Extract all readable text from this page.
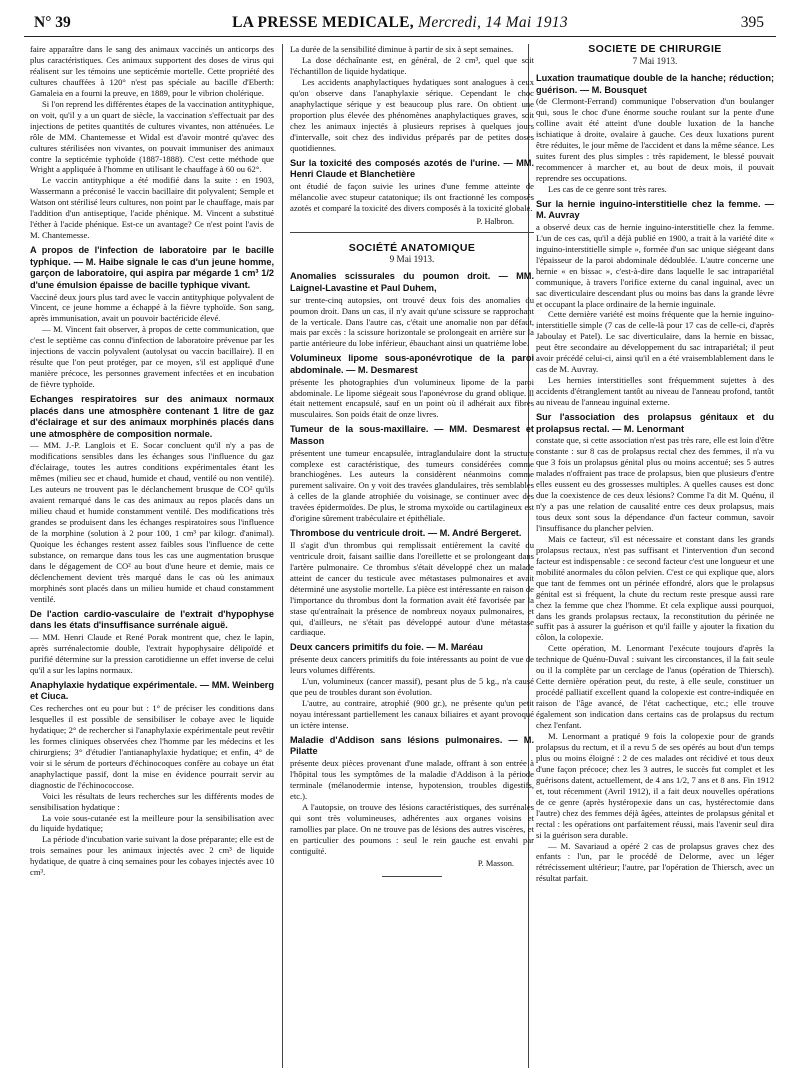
N° 39	LA PRESSE MEDICALE, Mercredi, 14 Mai 1913	395

faire apparaître dans le sang des animaux vaccinés un anticorps des plus caractéristiques. Ces animaux supportent des doses de virus qui réalisent sur les témoins une septicémie mortelle. Cette propriété des cultures chauffées à 120° n'est pas spéciale au bacille d'Eberth: Gamaleia en a fourni la preuve, en 1889, pour le vibrion cholérique.

Si l'on reprend les différentes étapes de la vaccination antityphique, on voit, qu'il y a un quart de siècle, la vaccination s'effectuait par des injections de petites quantités de cultures vivantes, non atténuées. Le rôle de MM. Chantemesse et Widal est d'avoir montré qu'avec des cultures stérilisées non vivantes, on pouvait immuniser des animaux contre la septicémie typhoïde (1887-1888). C'est cette méthode que Wright a appliquée à l'homme en utilisant le chauffage à 60 ou 62°.

Le vaccin antityphique a été modifié dans la suite : en 1903, Wassermann a préconisé le vaccin bacillaire dit polyvalent; Semple et Watson ont stérilisé leurs cultures, non point par le chauffage, mais par l'addition d'un antiseptique, l'acide phénique. M. Vincent a substitué l'éther à l'acide phénique. Est-ce un avantage? Ce n'est point l'avis de M. Chantemesse.

A propos de l'infection de laboratoire par le bacille typhique. — M. Haibe signale le cas d'un jeune homme, garçon de laboratoire, qui aspira par mégarde 1 cm³ 1/2 d'une émulsion épaisse de bacille typhique vivant.

Vacciné deux jours plus tard avec le vaccin antityphique polyvalent de Vincent, ce jeune homme a échappé à la fièvre typhoïde. Son sang, après immunisation, avait un pouvoir bactéricide élevé.

— M. Vincent fait observer, à propos de cette communication, que c'est le septième cas connu d'infection de laboratoire prévenue par les injections de vaccin polyvalent (autolysat ou vaccin bacillaire). Il en résulte que l'on peut protéger, par ce moyen, s'il est appliqué d'une manière précoce, les personnes gravement infectées et en incubation de fièvre typhoïde.

Echanges respiratoires sur des animaux normaux placés dans une atmosphère contenant 1 litre de gaz d'éclairage et sur des animaux morphinés placés dans une atmosphère de composition normale.

— MM. J.-P. Langlois et E. Socar concluent qu'il n'y a pas de modifications sensibles dans les échanges sous l'influence du gaz d'éclairage, toutes les autres conditions expérimentales étant les mêmes (milieu sec et chaud, humide et chaud, ventilé ou non ventilé). Les auteurs ne trouvent pas le déclanchement brusque de CO² qu'ils avaient remarqué dans le cas des animaux au repos placés dans un milieu chaud et humide constamment ventilé. Des modifications très grandes se produisent dans les échanges respiratoires sous l'influence de la morphine (solution à 2 pour 100, 1 cm³ par kilogr. d'animal). Quoique les échanges restent assez faibles sous l'influence de cette substance, on remarque dans tous les cas une augmentation brusque dans le dégagement de CO² au bout d'une heure et demie, mais ce déclenchement devient très marqué dans le cas où les animaux morphinés sont placés dans un milieu humide et chaud constamment ventilé.

De l'action cardio-vasculaire de l'extrait d'hypophyse dans les états d'insuffisance surrénale aiguë.

— MM. Henri Claude et René Porak montrent que, chez le lapin, après surrénalectomie double, l'extrait hypophysaire délipoïdé et purifié détermine sur la pression carotidienne un effet inverse de celui qu'il a sur les lapins normaux.

Anaphylaxie hydatique expérimentale. — MM. Weinberg et Ciuca.

Ces recherches ont eu pour but : 1° de préciser les conditions dans lesquelles il est possible de sensibiliser le cobaye avec le liquide hydatique; 2° de rechercher si l'anaphylaxie expérimentale peut revêtir les formes cliniques observées chez l'homme par les médecins et les chirurgiens; 3° d'étudier l'antianaphylaxie hydatique; et enfin, 4° de voir si le sérum de porteurs d'échinocoques confère au cobaye un état anaphylactique passif, dont la mise en évidence pourrait servir au diagnostic de l'échinococcose.

Voici les résultats de leurs recherches sur les différents modes de sensibilisation hydatique :

La voie sous-cutanée est la meilleure pour la sensibilisation avec du liquide hydatique;

La période d'incubation varie suivant la dose préparante; elle est de trois semaines pour les animaux injectés avec 2 cm³ de liquide hydatique, de quatre à cinq semaines pour les cobayes injectés avec 10 cm³.

La durée de la sensibilité diminue à partir de six à sept semaines.

La dose déchaînante est, en général, de 2 cm³, quel que soit l'échantillon de liquide hydatique.

Les accidents anaphylactiques hydatiques sont analogues à ceux qu'on observe dans l'anaphylaxie sérique. Cependant le choc anaphylactique sérique y est beaucoup plus rare. On obtient une proportion plus élevée des phénomènes anaphylactiques graves, soit chez les animaux injectés à plusieurs reprises à quelques jours d'intervalle, soit chez des individus préparés par de petites doses quotidiennes.

Sur la toxicité des composés azotés de l'urine. — MM. Henri Claude et Blanchetière

ont étudié de façon suivie les urines d'une femme atteinte de mélancolie avec stupeur catatonique; ils ont fractionné les composés azotés et comparé la toxicité des divers composés à la toxicité globale.

P. Halbron.

SOCIÉTÉ ANATOMIQUE

9 Mai 1913.

Anomalies scissurales du poumon droit. — MM. Laignel-Lavastine et Paul Duhem,

sur trente-cinq autopsies, ont trouvé deux fois des anomalies du poumon droit. Dans un cas, il n'y avait qu'une scissure se rapprochant de la verticale. Dans l'autre cas, c'était une anomalie non par défaut, mais par excès : la scissure horizontale se prolongeait en arrière sur la partie antérieure du lobe inférieur, ébauchant ainsi un quatrième lobe.

Volumineux lipome sous-aponévrotique de la paroi abdominale. — M. Desmarest

présente les photographies d'un volumineux lipome de la paroi abdominale. Le lipome siégeait sous l'aponévrose du grand oblique. Il était nettement encapsulé, sauf en un point où il adhérait aux fibres musculaires. Son poids était de onze livres.

Tumeur de la sous-maxillaire. — MM. Desmarest et Masson

présentent une tumeur encapsulée, intraglandulaire dont la structure complexe est caractéristique, des tumeurs considérées comme branchiogènes. Les auteurs la considèrent néanmoins comme purement salivaire. On y voit des travées glandulaires, très semblables à celles de la glande atrophiée du voisinage, se continuer avec des travées épidermoïdes. De plus, le stroma myxoïde ou cartilagineux est d'origine sûrement trabéculaire et épithéliale.

Thrombose du ventricule droit. — M. André Bergeret.

Il s'agit d'un thrombus qui remplissait entièrement la cavité du ventricule droit, faisant saillie dans l'oreillette et se prolongeant dans l'artère pulmonaire. Ce thrombus s'était développé chez un malade atteint de cancer du testicule avec métastases pulmonaires et avait déterminé une asystolie mortelle. La pièce est intéressante en raison de l'importance du thrombus dont la formation avait été favorisée par la stase qu'entraînait la présence de nombreux noyaux pulmonaires, et qui, d'ailleurs, ne s'était pas développé autour d'une métastase cardiaque.

Deux cancers primitifs du foie. — M. Maréau

présente deux cancers primitifs du foie intéressants au point de vue de leurs volumes différents.

L'un, volumineux (cancer massif), pesant plus de 5 kg., n'a causé que peu de troubles durant son évolution.

L'autre, au contraire, atrophié (900 gr.), ne présente qu'un petit noyau intéressant partiellement les canaux biliaires et ayant provoqué un ictère intense.

Maladie d'Addison sans lésions pulmonaires. — M. Pilatte

présente deux pièces provenant d'une malade, offrant à son entrée à l'hôpital tous les symptômes de la maladie d'Addison à la période terminale (mélanodermie intense, hypotension, troubles digestifs, etc.).

A l'autopsie, on trouve des lésions caractéristiques, des surrénales qui sont très volumineuses, adhérentes aux organes voisins et ramollies par place. On ne trouve pas de lésions des autres viscères, et en particulier des poumons : seul le rein gauche est envahi par contiguïté.

P. Masson.

SOCIÉTÉ DE CHIRURGIE

7 Mai 1913.

Luxation traumatique double de la hanche; réduction; guérison. — M. Bousquet

(de Clermont-Ferrand) communique l'observation d'un boulanger qui, sous le choc d'une énorme souche roulant sur la pente d'une colline avait été atteint d'une double luxation de la hanche ischiatique à droite, ovalaire à gauche. Ces deux luxations purent être réduites, le jour même de l'accident et dans la même séance. Les suites furent des plus simples : très rapidement, le blessé pouvait recommencer à marcher et, au bout de deux mois, il pouvait reprendre ses occupations.

Les cas de ce genre sont très rares.

Sur la hernie inguino-interstitielle chez la femme. — M. Auvray

a observé deux cas de hernie inguino-interstitielle chez la femme. L'un de ces cas, qu'il a déjà publié en 1900, a trait à la variété dite « inguino-interstitielle simple », formée d'un sac unique siégeant dans l'épaisseur de la paroi abdominale dédoublée. L'autre concerne une hernie « en bissac », c'est-à-dire dans laquelle le sac intrapariétal communique, à travers l'orifice externe du canal inguinal, avec un sac diverticulaire descendant plus ou moins bas dans la grande lèvre et occupant la place ordinaire de la hernie inguinale.

Cette dernière variété est moins fréquente que la hernie inguino-interstitielle simple (7 cas de celle-là pour 17 cas de celle-ci, d'après Jaboulay et Patel). Le sac diverticulaire, dans la hernie en bissac, peut être secondaire au développement du sac intrapariétal; il peut avoir précédé celui-ci, ainsi qu'il en a été vraisemblablement dans le cas de M. Auvray.

Les hernies interstitielles sont fréquemment sujettes à des accidents d'étranglement tantôt au niveau de l'anneau profond, tantôt au niveau de l'anneau inguinal externe.

Sur l'association des prolapsus génitaux et du prolapsus rectal. — M. Lenormant

constate que, si cette association n'est pas très rare, elle est loin d'être constante : sur 8 cas de prolapsus rectal chez des femmes, il n'a vu que 3 fois un prolapsus génital plus ou moins accentué; ses 5 autres malades n'offraient pas trace de prolapsus, bien que plusieurs d'entre elles eussent eu des grossesses multiples. A quelles causes est donc due la coexistence de ces deux lésions? Comme l'a dit M. Quénu, il n'y a pas une relation de causalité entre ces deux prolapsus, mais tous deux sont sous la dépendance d'un facteur commun, savoir l'insuffisance du plancher pelvien.

Mais ce facteur, s'il est nécessaire et constant dans les grands prolapsus rectaux, n'est pas suffisant et l'intervention d'un second facteur est indispensable : ce second facteur c'est une longueur et une mobilité anormales du côlon pelvien. C'est ce qui explique que, alors que tant de femmes ont un périnée effondré, alors que le prolapsus génital est si fréquent, la chute du rectum reste presque aussi rare chez la femme que chez l'homme. Et cela explique aussi pourquoi, dans les grands prolapsus rectaux, la reconstitution du périnée ne suffit pas à assurer la guérison et qu'il faille y ajouter la fixation du côlon, la colopexie.

Cette opération, M. Lenormant l'exécute toujours d'après la technique de Quénu-Duval : suivant les circonstances, il la fait seule ou il la complète par un cerclage de l'anus (opération de Thiersch). Cette dernière opération peut, du reste, à elle seule, constituer un procédé palliatif excellent quand la colopexie est contre-indiquée en raison de l'âge avancé, de l'état cachectique, etc.; elle trouve également son indication dans certains cas de prolapsus du rectum chez l'enfant.

M. Lenormant a pratiqué 9 fois la colopexie pour de grands prolapsus du rectum, et il a revu 5 de ses opérés au bout d'un temps plus ou moins éloigné : 2 de ces malades ont récidivé et tous deux d'une façon précoce; chez les 3 autres, le succès fut complet et les guérisons datent, actuellement, de 4 ans 1/2, 7 ans et 8 ans. Fin 1912 et, tout récemment (Avril 1912), il a fait deux nouvelles opérations de ce genre (après hystéropexie dans un cas, hystérectomie dans l'autre) chez des femmes déjà âgées, atteintes de prolapsus génital et rectal : les opérations ont parfaitement réussi, mais l'avenir seul dira si la guérison sera durable.

— M. Savariaud a opéré 2 cas de prolapsus graves chez des enfants : l'un, par le procédé de Delorme, avec un léger rétrécissement ultérieur; l'autre, par l'opération de Thiersch, avec un résultat parfait.
